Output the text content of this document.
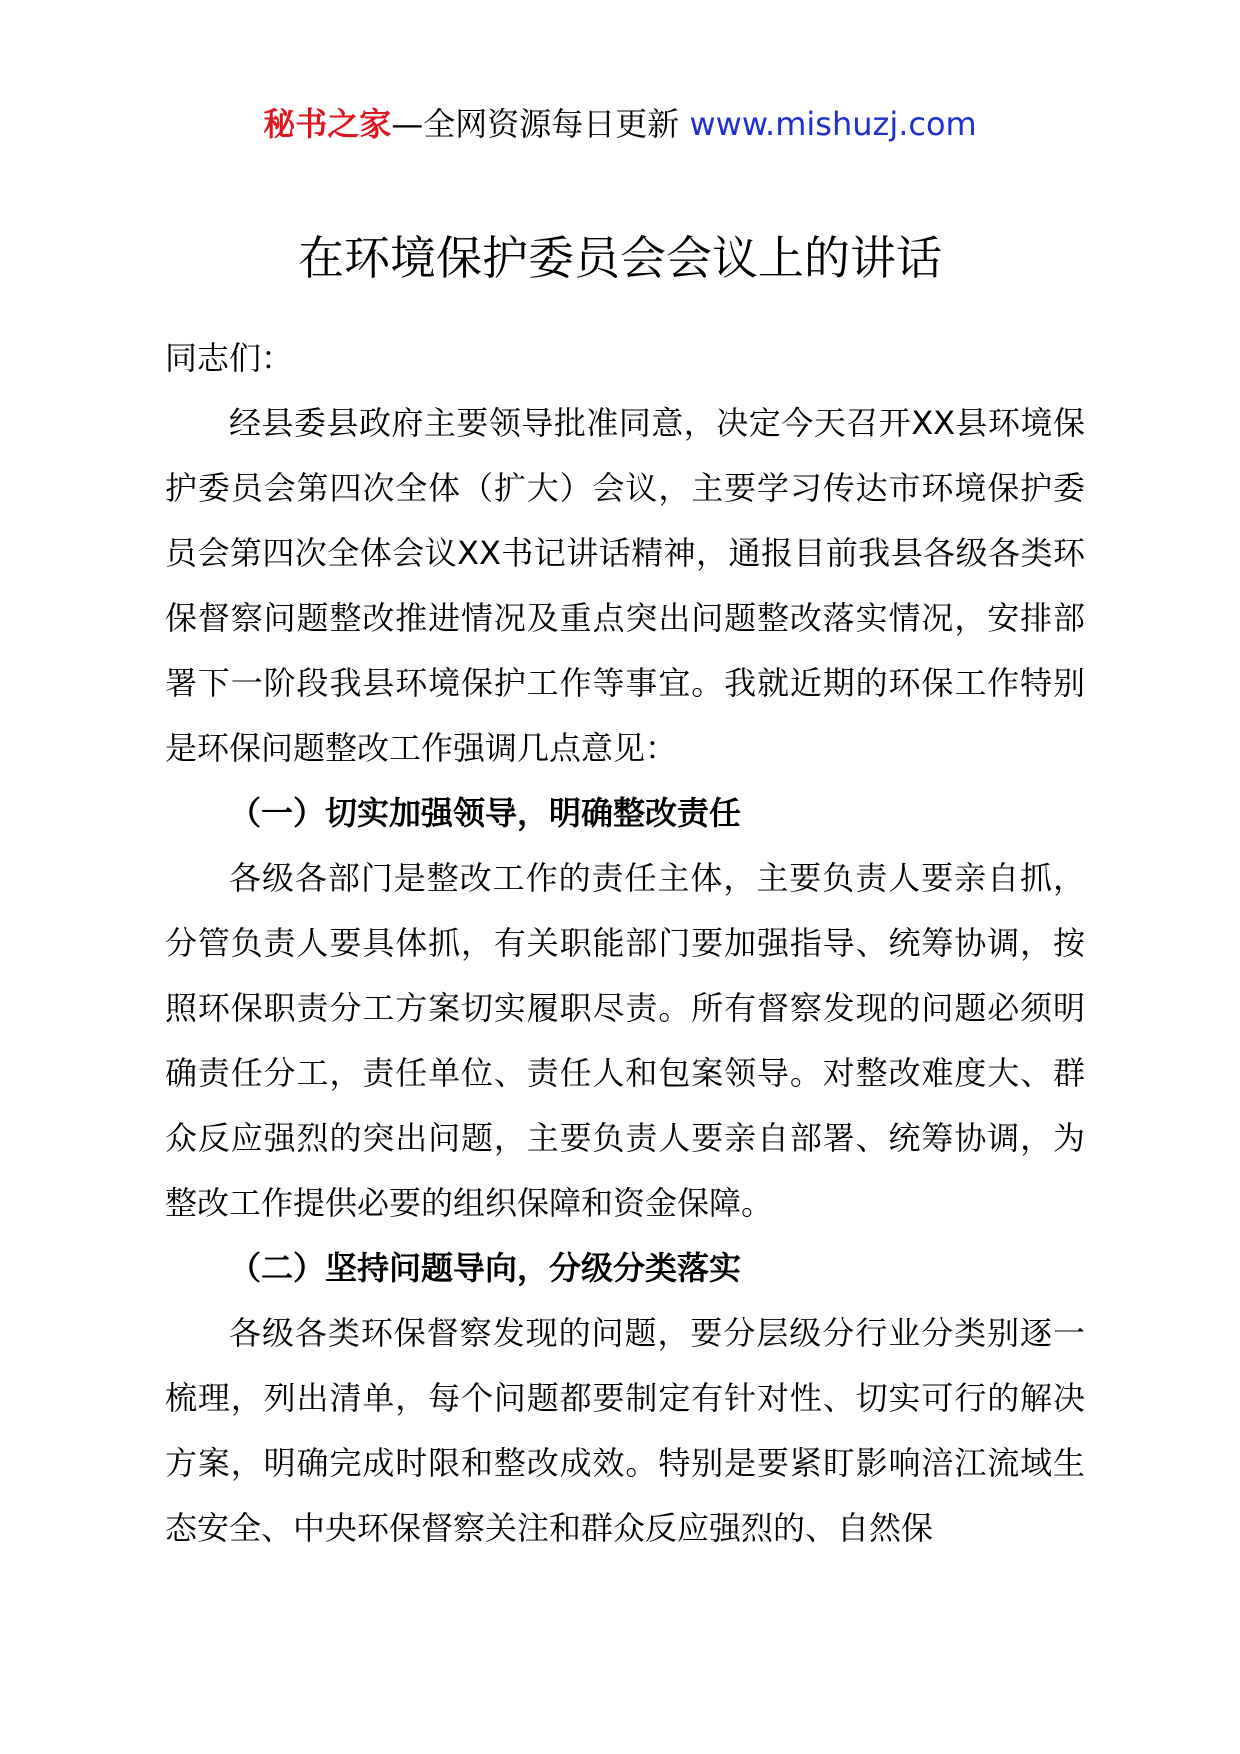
秘书之家—全网资源每日更新 www.mishuzj.com
在环境保护委员会会议上的讲话

同志们：

经县委县政府主要领导批准同意，决定今天召开XX县环境保护委员会第四次全体（扩大）会议，主要学习传达市环境保护委员会第四次全体会议XX书记讲话精神，通报目前我县各级各类环保督察问题整改推进情况及重点突出问题整改落实情况，安排部署下一阶段我县环境保护工作等事宜。我就近期的环保工作特别是环保问题整改工作强调几点意见：

（一）切实加强领导，明确整改责任

各级各部门是整改工作的责任主体，主要负责人要亲自抓，分管负责人要具体抓，有关职能部门要加强指导、统筹协调，按照环保职责分工方案切实履职尽责。所有督察发现的问题必须明确责任分工，责任单位、责任人和包案领导。对整改难度大、群众反应强烈的突出问题，主要负责人要亲自部署、统筹协调，为整改工作提供必要的组织保障和资金保障。

（二）坚持问题导向，分级分类落实

各级各类环保督察发现的问题，要分层级分行业分类别逐一梳理，列出清单，每个问题都要制定有针对性、切实可行的解决方案，明确完成时限和整改成效。特别是要紧盯影响涪江流域生态安全、中央环保督察关注和群众反应强烈的、自然保
